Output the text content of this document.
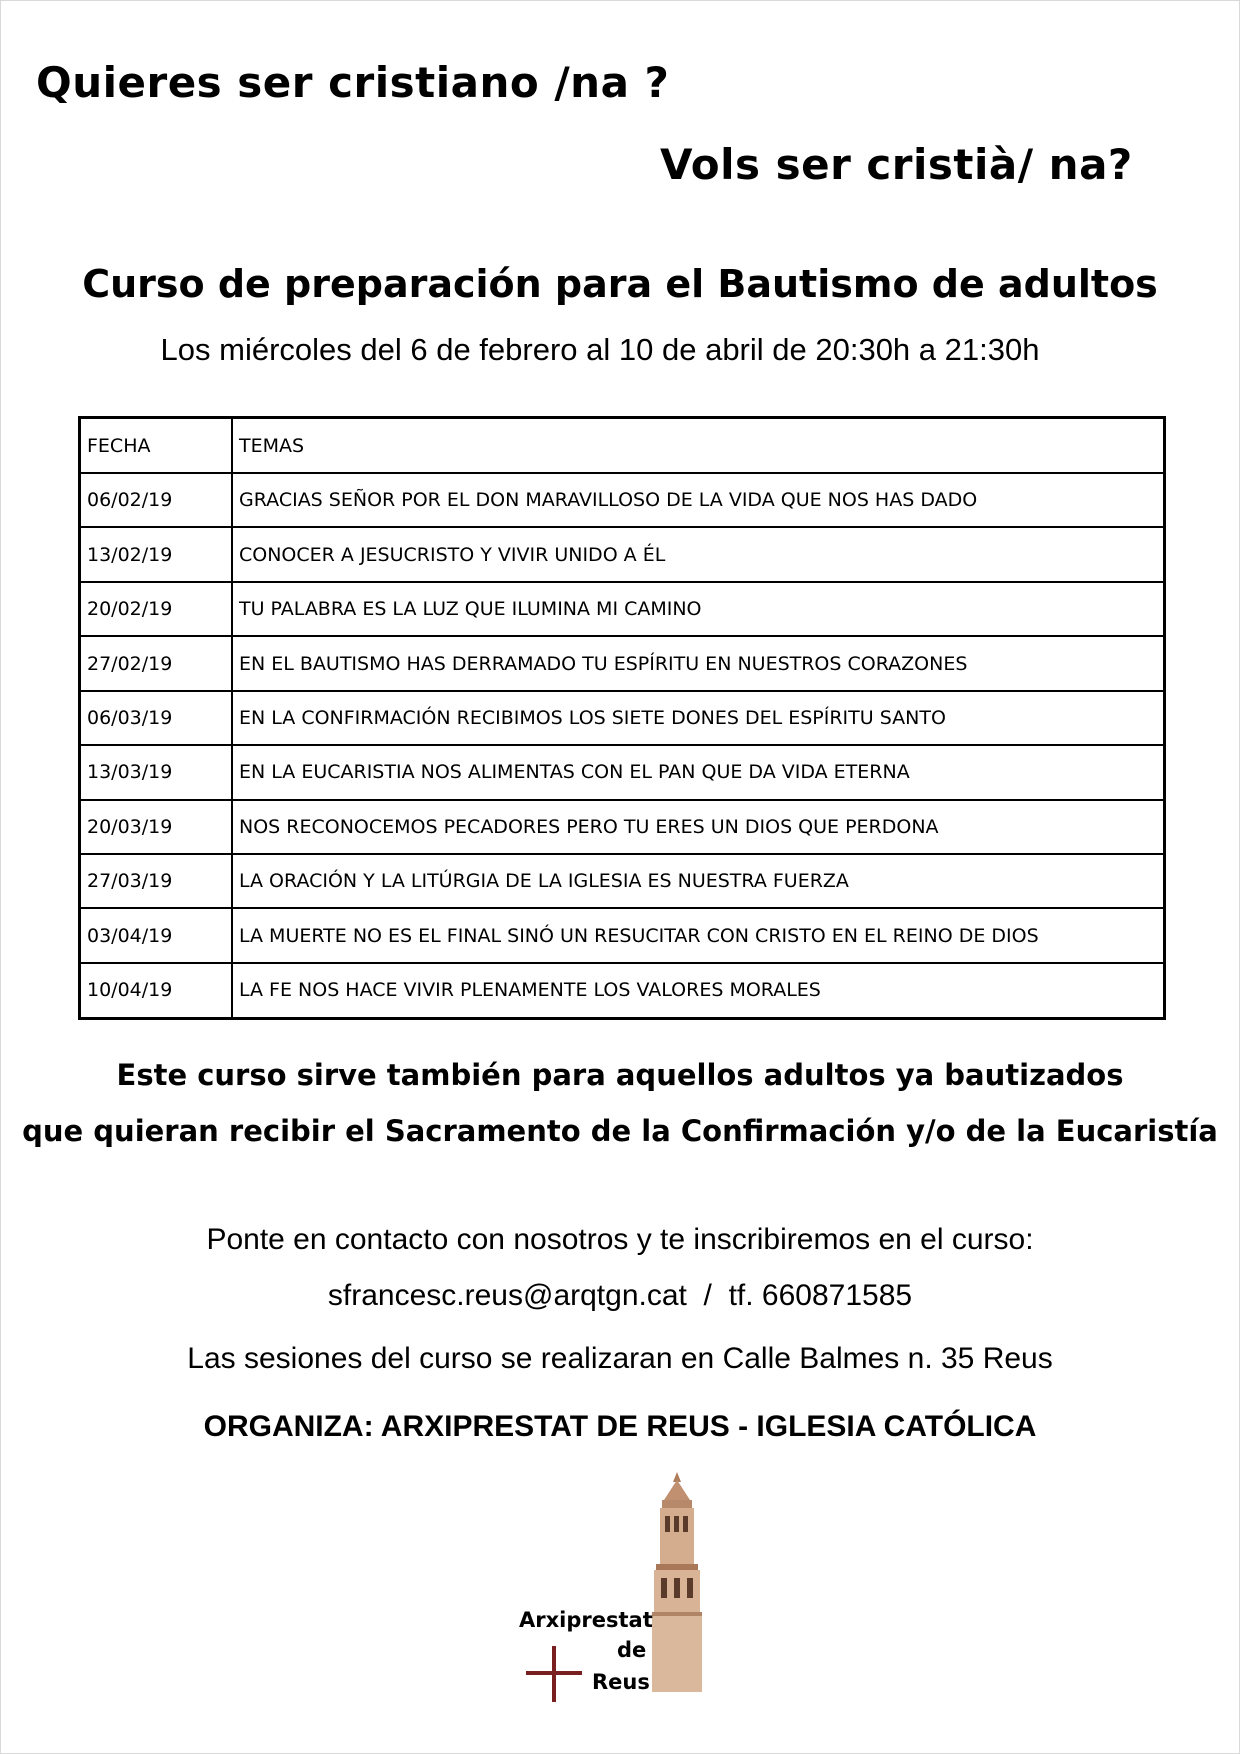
Quieres ser cristiano /na ?
Vols ser cristià/ na?
Curso de preparación para el Bautismo de adultos
Los miércoles del 6 de febrero al 10 de abril de 20:30h a 21:30h
FECHA	TEMAS
06/02/19	GRACIAS SEÑOR POR EL DON MARAVILLOSO DE LA VIDA QUE NOS HAS DADO
13/02/19	CONOCER A JESUCRISTO Y VIVIR UNIDO A ÉL
20/02/19	TU PALABRA ES LA LUZ QUE ILUMINA MI CAMINO
27/02/19	EN EL BAUTISMO HAS DERRAMADO TU ESPÍRITU EN NUESTROS CORAZONES
06/03/19	EN LA CONFIRMACIÓN RECIBIMOS LOS SIETE DONES DEL ESPÍRITU SANTO
13/03/19	EN LA EUCARISTIA NOS ALIMENTAS CON EL PAN QUE DA VIDA ETERNA
20/03/19	NOS RECONOCEMOS PECADORES PERO TU ERES UN DIOS QUE PERDONA
27/03/19	LA ORACIÓN Y LA LITÚRGIA DE LA IGLESIA ES NUESTRA FUERZA
03/04/19	LA MUERTE NO ES EL FINAL SINÓ UN RESUCITAR CON CRISTO EN EL REINO DE DIOS
10/04/19	LA FE NOS HACE VIVIR PLENAMENTE LOS VALORES MORALES
Este curso sirve también para aquellos adultos ya bautizados
que quieran recibir el Sacramento de la Confirmación y/o de la Eucaristía
Ponte en contacto con nosotros y te inscribiremos en el curso:
sfrancesc.reus@arqtgn.cat / tf. 660871585
Las sesiones del curso se realizaran en Calle Balmes n. 35 Reus
ORGANIZA: ARXIPRESTAT DE REUS - IGLESIA CATÓLICA
Arxiprestat
de
Reus
